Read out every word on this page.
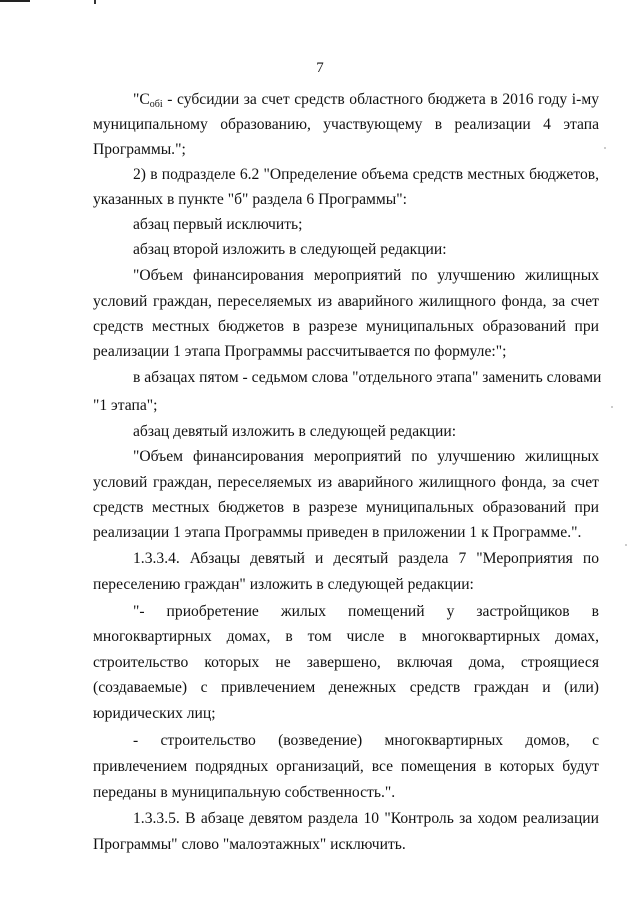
7
"$С_{обi}$ - субсидии за счет средств областного бюджета в 2016 году i-му
муниципальному образованию, участвующему в реализации 4 этапа
Программы.";
2) в подразделе 6.2 "Определение объема средств местных бюджетов,
указанных в пункте "б" раздела 6 Программы":
абзац первый исключить;
абзац второй изложить в следующей редакции:
"Объем финансирования мероприятий по улучшению жилищных
условий граждан, переселяемых из аварийного жилищного фонда, за счет
средств местных бюджетов в разрезе муниципальных образований при
реализации 1 этапа Программы рассчитывается по формуле:";
в абзацах пятом - седьмом слова "отдельного этапа" заменить словами
"1 этапа";
абзац девятый изложить в следующей редакции:
"Объем финансирования мероприятий по улучшению жилищных
условий граждан, переселяемых из аварийного жилищного фонда, за счет
средств местных бюджетов в разрезе муниципальных образований при
реализации 1 этапа Программы приведен в приложении 1 к Программе.".
1.3.3.4. Абзацы девятый и десятый раздела 7 "Мероприятия по
переселению граждан" изложить в следующей редакции:
"- приобретение жилых помещений у застройщиков в
многоквартирных домах, в том числе в многоквартирных домах,
строительство которых не завершено, включая дома, строящиеся
(создаваемые) с привлечением денежных средств граждан и (или)
юридических лиц;
- строительство (возведение) многоквартирных домов, с
привлечением подрядных организаций, все помещения в которых будут
переданы в муниципальную собственность.".
1.3.3.5. В абзаце девятом раздела 10 "Контроль за ходом реализации
Программы" слово "малоэтажных" исключить.
